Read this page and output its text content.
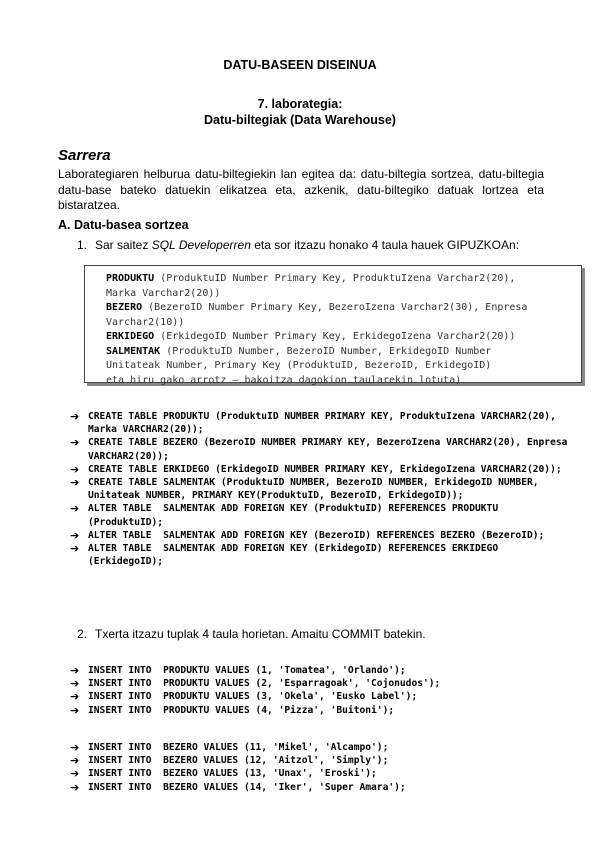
DATU-BASEEN DISEINUA
7. laborategia:
Datu-biltegiak (Data Warehouse)
Sarrera
Laborategiaren helburua datu-biltegiekin lan egitea da: datu-biltegia sortzea, datu-biltegia datu-base bateko datuekin elikatzea eta, azkenik, datu-biltegiko datuak lortzea eta bistaratzea.
A. Datu-basea sortzea
1. Sar saitez SQL Developerren eta sor itzazu honako 4 taula hauek GIPUZKOAn:
PRODUKTU (ProduktuID Number Primary Key, ProduktuIzena Varchar2(20),
Marka Varchar2(20))
BEZERO (BezeroID Number Primary Key, BezeroIzena Varchar2(30), Enpresa
Varchar2(10))
ERKIDEGO (ErkidegoID Number Primary Key, ErkidegoIzena Varchar2(20))
SALMENTAK (ProduktuID Number, BezeroID Number, ErkidegoID Number
Unitateak Number, Primary Key (ProduktuID, BezeroID, ErkidegoID)
eta hiru gako arrotz – bakoitza dagokion taularekin lotuta)
➔ CREATE TABLE PRODUKTU (ProduktuID NUMBER PRIMARY KEY, ProduktuIzena VARCHAR2(20), Marka VARCHAR2(20));
➔ CREATE TABLE BEZERO (BezeroID NUMBER PRIMARY KEY, BezeroIzena VARCHAR2(20), Enpresa VARCHAR2(20));
➔ CREATE TABLE ERKIDEGO (ErkidegoID NUMBER PRIMARY KEY, ErkidegoIzena VARCHAR2(20));
➔ CREATE TABLE SALMENTAK (ProduktuID NUMBER, BezeroID NUMBER, ErkidegoID NUMBER, Unitateak NUMBER, PRIMARY KEY(ProduktuID, BezeroID, ErkidegoID));
➔ ALTER TABLE  SALMENTAK ADD FOREIGN KEY (ProduktuID) REFERENCES PRODUKTU (ProduktuID);
➔ ALTER TABLE  SALMENTAK ADD FOREIGN KEY (BezeroID) REFERENCES BEZERO (BezeroID);
➔ ALTER TABLE  SALMENTAK ADD FOREIGN KEY (ErkidegoID) REFERENCES ERKIDEGO (ErkidegoID);
2. Txerta itzazu tuplak 4 taula horietan. Amaitu COMMIT batekin.
➔ INSERT INTO  PRODUKTU VALUES (1, 'Tomatea', 'Orlando');
➔ INSERT INTO  PRODUKTU VALUES (2, 'Esparragoak', 'Cojonudos');
➔ INSERT INTO  PRODUKTU VALUES (3, 'Okela', 'Eusko Label');
➔ INSERT INTO  PRODUKTU VALUES (4, 'Pizza', 'Buitoni');
➔ INSERT INTO  BEZERO VALUES (11, 'Mikel', 'Alcampo');
➔ INSERT INTO  BEZERO VALUES (12, 'Aitzol', 'Simply');
➔ INSERT INTO  BEZERO VALUES (13, 'Unax', 'Eroski');
➔ INSERT INTO  BEZERO VALUES (14, 'Iker', 'Super Amara');
